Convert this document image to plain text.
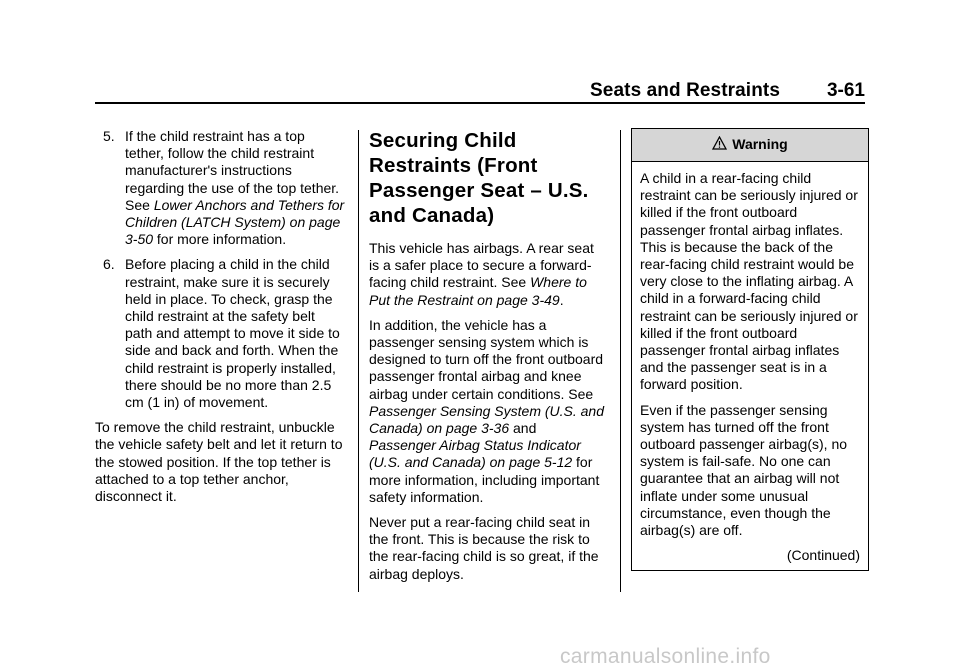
Seats and Restraints 3-61
5. If the child restraint has a top tether, follow the child restraint manufacturer's instructions regarding the use of the top tether. See Lower Anchors and Tethers for Children (LATCH System) on page 3-50 for more information.
6. Before placing a child in the child restraint, make sure it is securely held in place. To check, grasp the child restraint at the safety belt path and attempt to move it side to side and back and forth. When the child restraint is properly installed, there should be no more than 2.5 cm (1 in) of movement.

To remove the child restraint, unbuckle the vehicle safety belt and let it return to the stowed position. If the top tether is attached to a top tether anchor, disconnect it.

Securing Child Restraints (Front Passenger Seat – U.S. and Canada)

This vehicle has airbags. A rear seat is a safer place to secure a forward-facing child restraint. See Where to Put the Restraint on page 3-49.

In addition, the vehicle has a passenger sensing system which is designed to turn off the front outboard passenger frontal airbag and knee airbag under certain conditions. See Passenger Sensing System (U.S. and Canada) on page 3-36 and Passenger Airbag Status Indicator (U.S. and Canada) on page 5-12 for more information, including important safety information.

Never put a rear-facing child seat in the front. This is because the risk to the rear-facing child is so great, if the airbag deploys.

Warning

A child in a rear-facing child restraint can be seriously injured or killed if the front outboard passenger frontal airbag inflates. This is because the back of the rear-facing child restraint would be very close to the inflating airbag. A child in a forward-facing child restraint can be seriously injured or killed if the front outboard passenger frontal airbag inflates and the passenger seat is in a forward position.

Even if the passenger sensing system has turned off the front outboard passenger airbag(s), no system is fail-safe. No one can guarantee that an airbag will not inflate under some unusual circumstance, even though the airbag(s) are off.

(Continued)

carmanualsonline.info
